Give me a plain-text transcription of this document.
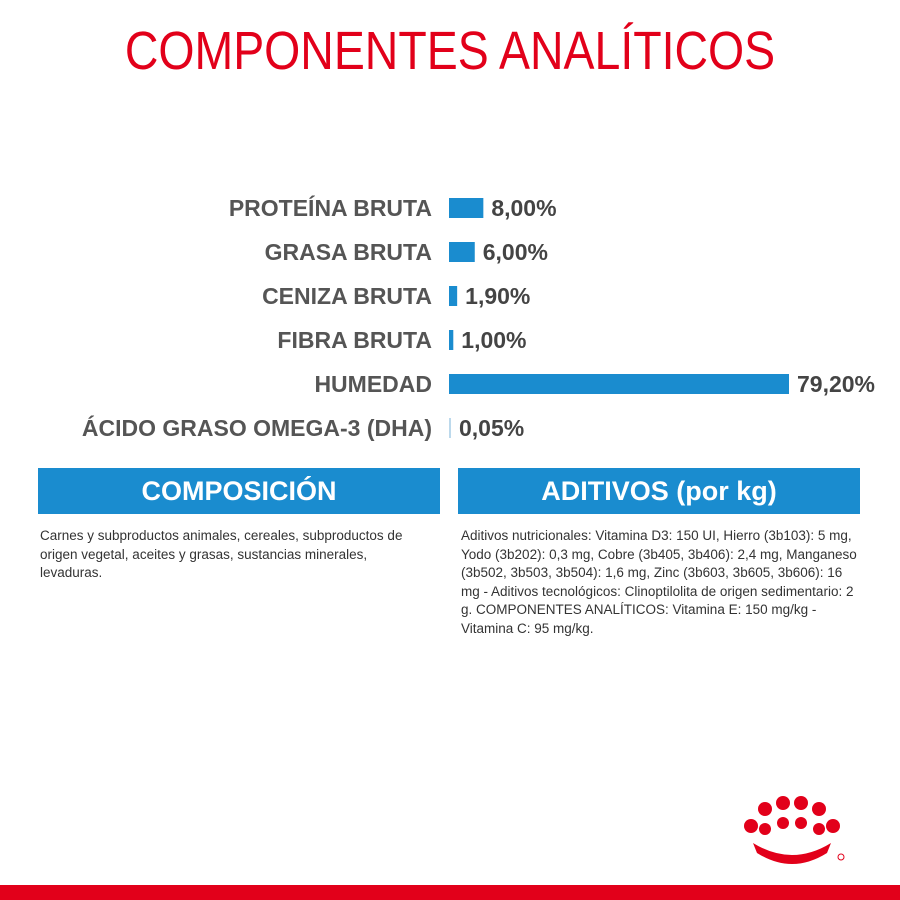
COMPONENTES ANALÍTICOS
PROTEÍNA BRUTA	8,00%
GRASA BRUTA 6,00%
CENIZA BRUTA 1,90%
FIBRA BRUTA 1,00%
HUMEDAD	79,20%
ÁCIDO GRASO OMEGA-3 (DHA) 0,05%
COMPOSICIÓN	ADITIVOS (por kg)
Carnes y subproductos animales, cereales, subproductos de origen vegetal, aceites y grasas, sustancias minerales, levaduras.
Aditivos nutricionales: Vitamina D3: 150 UI, Hierro (3b103): 5 mg, Yodo (3b202): 0,3 mg, Cobre (3b405, 3b406): 2,4 mg, Manganeso (3b502, 3b503, 3b504): 1,6 mg, Zinc (3b603, 3b605, 3b606): 16 mg - Aditivos tecnológicos: Clinoptilolita de origen sedimentario: 2 g. COMPONENTES ANALÍTICOS: Vitamina E: 150 mg/kg - Vitamina C: 95 mg/kg.
